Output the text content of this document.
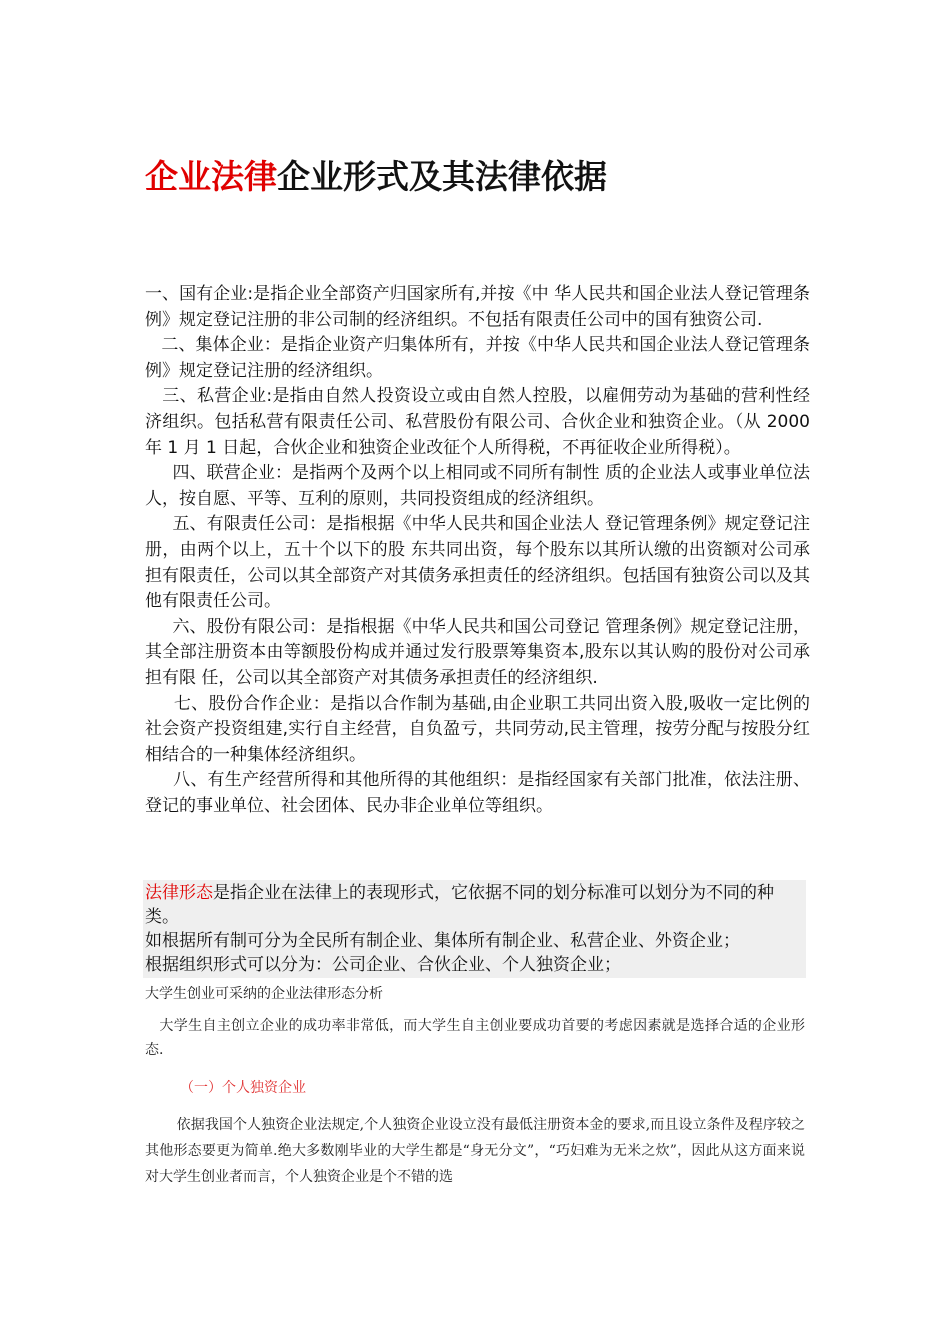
企业法律企业形式及其法律依据

一、国有企业:是指企业全部资产归国家所有,并按《中 华人民共和国企业法人登记管理条例》规定登记注册的非公司制的经济组织。不包括有限责任公司中的国有独资公司.

二、集体企业：是指企业资产归集体所有，并按《中华人民共和国企业法人登记管理条例》规定登记注册的经济组织。

三、私营企业:是指由自然人投资设立或由自然人控股，以雇佣劳动为基础的营利性经济组织。包括私营有限责任公司、私营股份有限公司、合伙企业和独资企业。（从 2000 年 1 月 1 日起，合伙企业和独资企业改征个人所得税，不再征收企业所得税）。

四、联营企业：是指两个及两个以上相同或不同所有制性 质的企业法人或事业单位法人，按自愿、平等、互利的原则，共同投资组成的经济组织。

五、有限责任公司：是指根据《中华人民共和国企业法人 登记管理条例》规定登记注册，由两个以上，五十个以下的股 东共同出资，每个股东以其所认缴的出资额对公司承担有限责任，公司以其全部资产对其债务承担责任的经济组织。包括国有独资公司以及其他有限责任公司。

六、股份有限公司：是指根据《中华人民共和国公司登记 管理条例》规定登记注册，其全部注册资本由等额股份构成并通过发行股票筹集资本,股东以其认购的股份对公司承担有限 任，公司以其全部资产对其债务承担责任的经济组织.

七、股份合作企业：是指以合作制为基础,由企业职工共同出资入股,吸收一定比例的社会资产投资组建,实行自主经营，自负盈亏，共同劳动,民主管理，按劳分配与按股分红相结合的一种集体经济组织。

八、有生产经营所得和其他所得的其他组织：是指经国家有关部门批准，依法注册、登记的事业单位、社会团体、民办非企业单位等组织。

法律形态是指企业在法律上的表现形式，它依据不同的划分标准可以划分为不同的种类。
如根据所有制可分为全民所有制企业、集体所有制企业、私营企业、外资企业；
根据组织形式可以分为：公司企业、合伙企业、个人独资企业；
大学生创业可采纳的企业法律形态分析
大学生自主创立企业的成功率非常低，而大学生自主创业要成功首要的考虑因素就是选择合适的企业形态.
（一）个人独资企业
依据我国个人独资企业法规定,个人独资企业设立没有最低注册资本金的要求,而且设立条件及程序较之其他形态要更为简单.绝大多数刚毕业的大学生都是“身无分文”，“巧妇难为无米之炊”，因此从这方面来说对大学生创业者而言，个人独资企业是个不错的选
